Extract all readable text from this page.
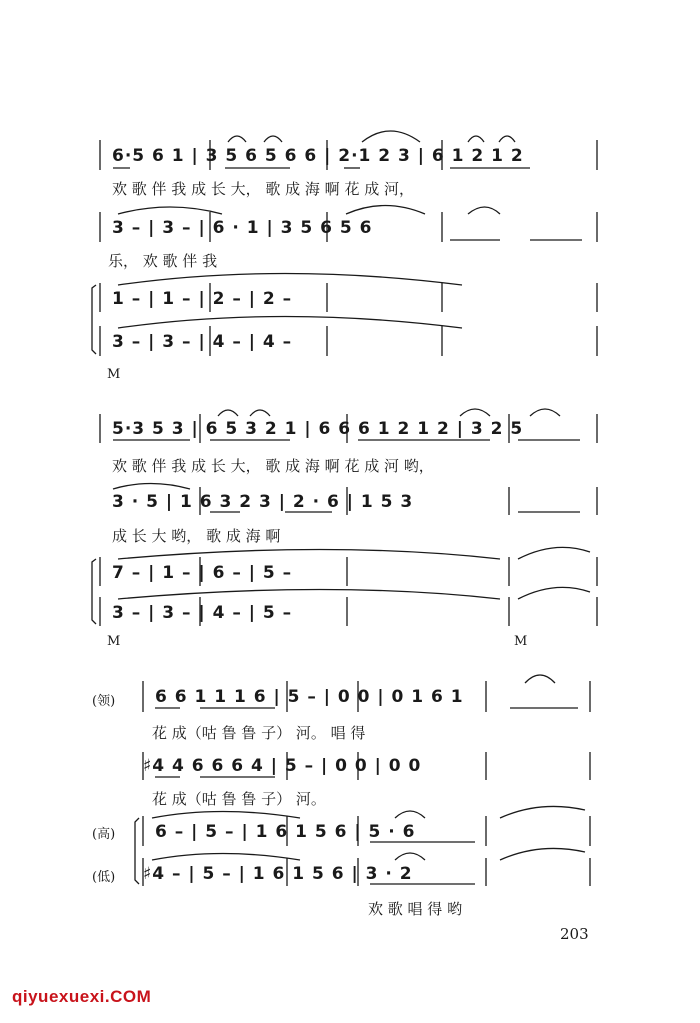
6·5 6 1 | 3 5 6 5 6 6 | 2·1 2 3 | 6 1 2 1 2
欢 歌 伴 我 成 长 大， 歌 成 海 啊 花 成 河，
3 – | 3 – | 6 · 1 | 3 5 6 5 6
乐， 欢 歌 伴 我
1 – | 1 – | 2 – | 2 –
3 – | 3 – | 4 – | 4 –
M
5·3 5 3 | 6 5 3 2 1 | 6 6 6 1 2 1 2 | 3 2 5
欢 歌 伴 我 成 长 大， 歌 成 海 啊 花 成 河 哟，
3 · 5 | 1 6 3 2 3 | 2 · 6 | 1 5 3
成 长 大 哟， 歌 成 海 啊
7 – | 1 – | 6 – | 5 –
3 – | 3 – | 4 – | 5 –
M	M
(领)
(高)
(低)
6 6 1 1 1 6 | 5 – | 0 0 | 0 1 6 1
花 成（咕 鲁 鲁 子） 河。 唱 得
♯4 4 6 6 6 4 | 5 – | 0 0 | 0 0
花 成（咕 鲁 鲁 子） 河。
6 – | 5 – | 1 6 1 5 6 | 5 · 6
♯4 – | 5 – | 1 6 1 5 6 | 3 · 2
欢 歌 唱 得 哟
203
qiyuexuexi.COM
